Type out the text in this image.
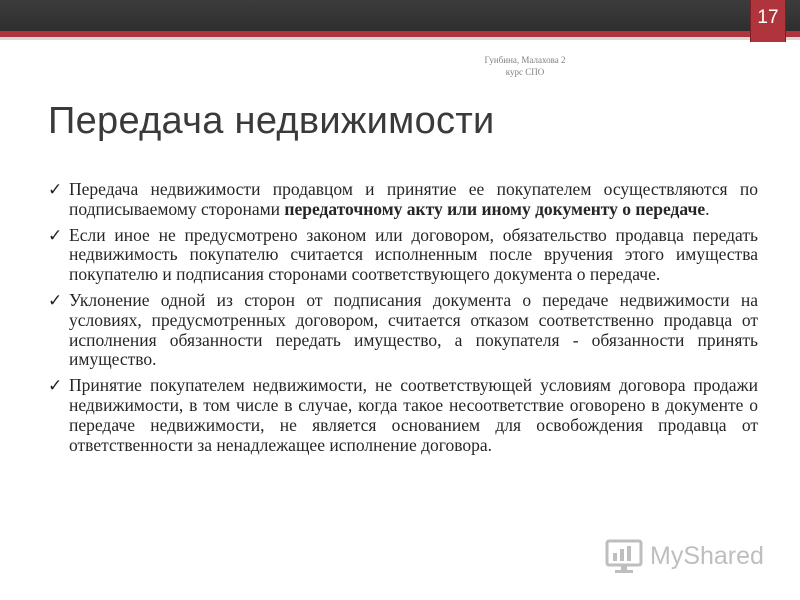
17
Гунбина, Малахова 2
курс СПО
Передача недвижимости
✓ Передача недвижимости продавцом и принятие ее покупателем осуществляются по подписываемому сторонами передаточному акту или иному документу о передаче.
✓ Если иное не предусмотрено законом или договором, обязательство продавца передать недвижимость покупателю считается исполненным после вручения этого имущества покупателю и подписания сторонами соответствующего документа о передаче.
✓ Уклонение одной из сторон от подписания документа о передаче недвижимости на условиях, предусмотренных договором, считается отказом соответственно продавца от исполнения обязанности передать имущество, а покупателя - обязанности принять имущество.
✓ Принятие покупателем недвижимости, не соответствующей условиям договора продажи недвижимости, в том числе в случае, когда такое несоответствие оговорено в документе о передаче недвижимости, не является основанием для освобождения продавца от ответственности за ненадлежащее исполнение договора.
MyShared
